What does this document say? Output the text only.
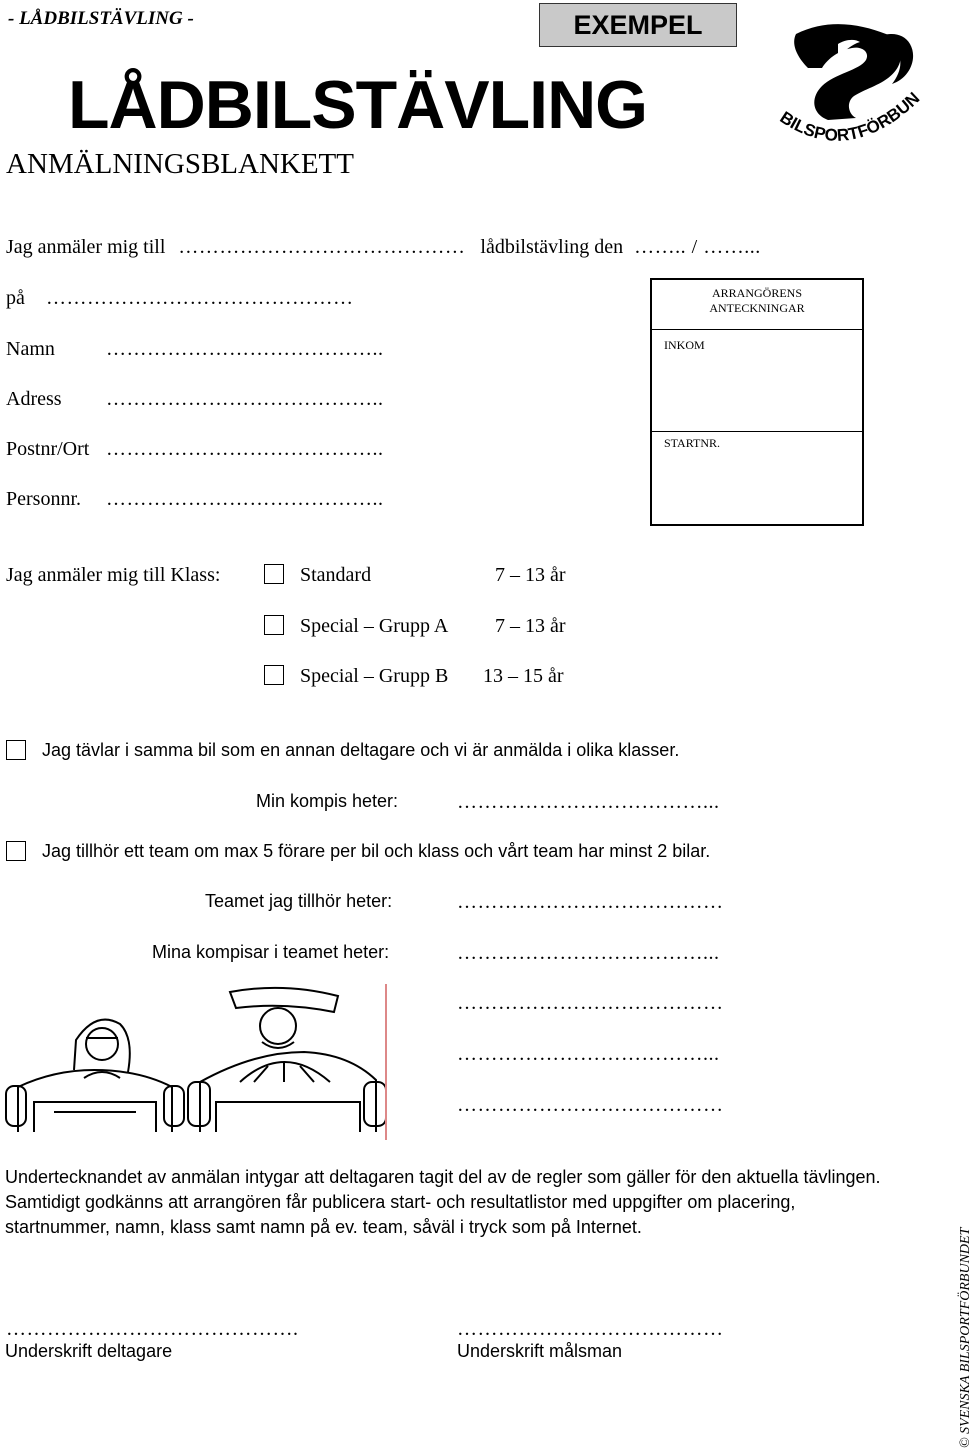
- LÅDBILSTÄVLING -	EXEMPEL
LÅDBILSTÄVLING
ANMÄLNINGSBLANKETT
BILSPORTFÖRBUN
Jag anmäler mig till …………………………………… lådbilstävling den …….. / ……...
på ………………………………………
Namn	…………………………………..
Adress …………………………………..
Postnr/Ort …………………………………..
Personnr. …………………………………..
ARRANGÖRENS
ANTECKNINGAR
INKOM
STARTNR.
Jag anmäler mig till Klass:	Standard	7 – 13 år
Special – Grupp A 7 – 13 år
Special – Grupp B 13 – 15 år
Jag tävlar i samma bil som en annan deltagare och vi är anmälda i olika klasser.
Min kompis heter:	………………………………...
Jag tillhör ett team om max 5 förare per bil och klass och vårt team har minst 2 bilar.
Teamet jag tillhör heter:	…………………………………
Mina kompisar i teamet heter:	………………………………...
…………………………………
………………………………...
…………………………………
Undertecknandet av anmälan intygar att deltagaren tagit del av de regler som gäller för den aktuella tävlingen. Samtidigt godkänns att arrangören får publicera start- och resultatlistor med uppgifter om placering, startnummer, namn, klass samt namn på ev. team, såväl i tryck som på Internet.
…………………………………….
Underskrift deltagare
…………………………………
Underskrift målsman	© SVENSKA BILSPORTFÖRBUNDET
